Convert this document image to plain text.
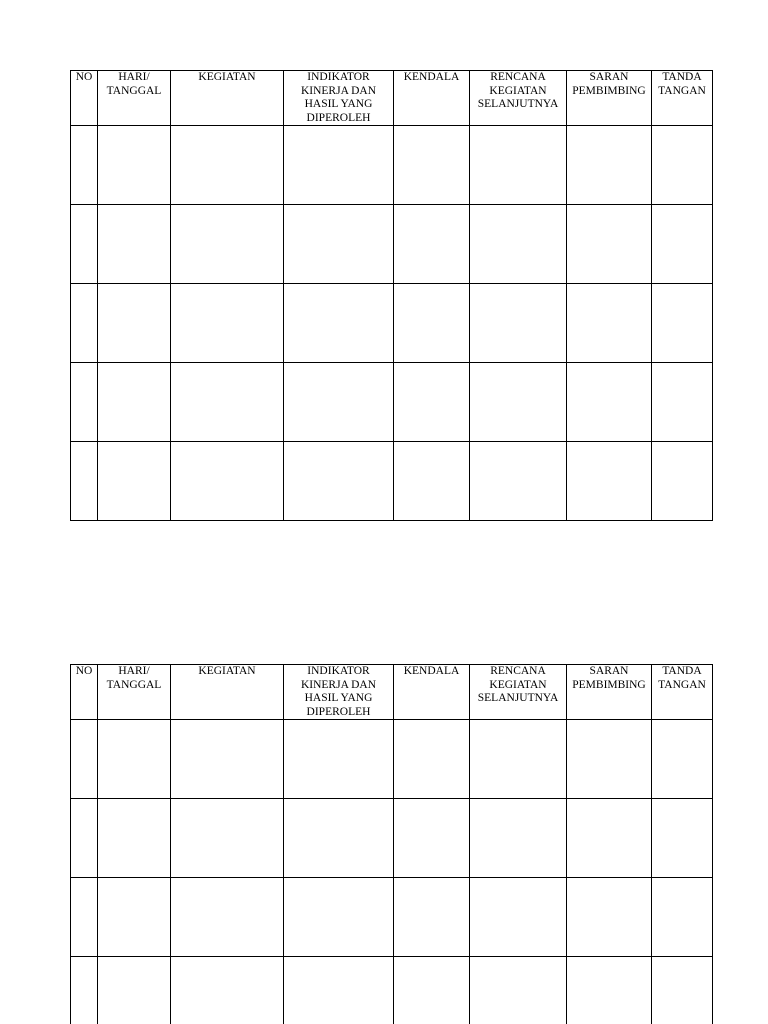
NO	HARI/ TANGGAL	KEGIATAN	INDIKATOR KINERJA DAN HASIL YANG DIPEROLEH	KENDALA	RENCANA KEGIATAN SELANJUTNYA	SARAN PEMBIMBING	TANDA TANGAN

NO	HARI/ TANGGAL	KEGIATAN	INDIKATOR KINERJA DAN HASIL YANG DIPEROLEH	KENDALA	RENCANA KEGIATAN SELANJUTNYA	SARAN PEMBIMBING	TANDA TANGAN
